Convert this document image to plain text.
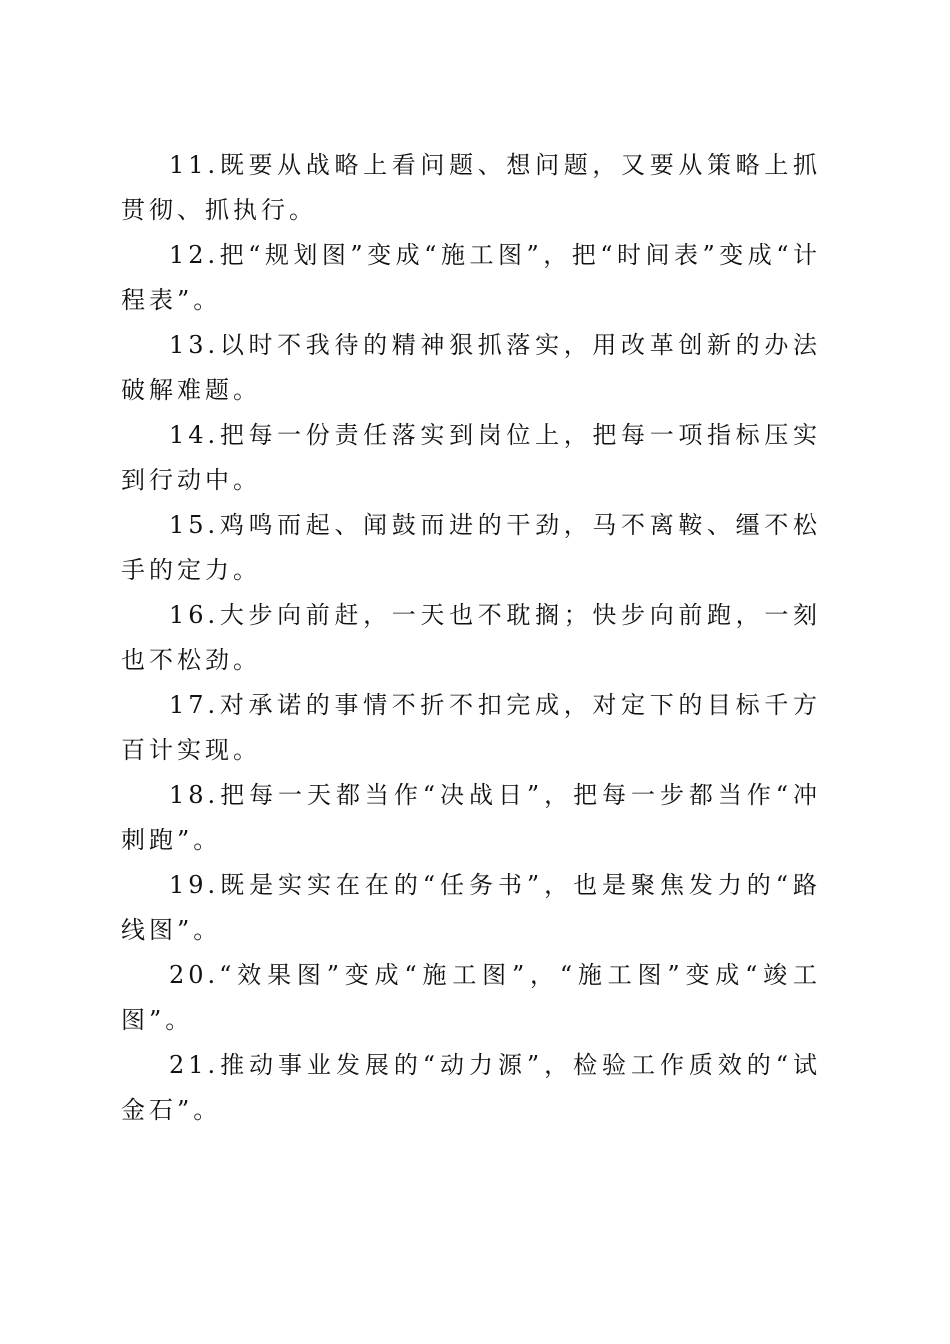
11.既要从战略上看问题、想问题，又要从策略上抓贯彻、抓执行。

12.把“规划图”变成“施工图”，把“时间表”变成“计程表”。

13.以时不我待的精神狠抓落实，用改革创新的办法破解难题。

14.把每一份责任落实到岗位上，把每一项指标压实到行动中。

15.鸡鸣而起、闻鼓而进的干劲，马不离鞍、缰不松手的定力。

16.大步向前赶，一天也不耽搁；快步向前跑，一刻也不松劲。

17.对承诺的事情不折不扣完成，对定下的目标千方百计实现。

18.把每一天都当作“决战日”，把每一步都当作“冲刺跑”。

19.既是实实在在的“任务书”，也是聚焦发力的“路线图”。

20.“效果图”变成“施工图”，“施工图”变成“竣工图”。

21.推动事业发展的“动力源”，检验工作质效的“试金石”。
